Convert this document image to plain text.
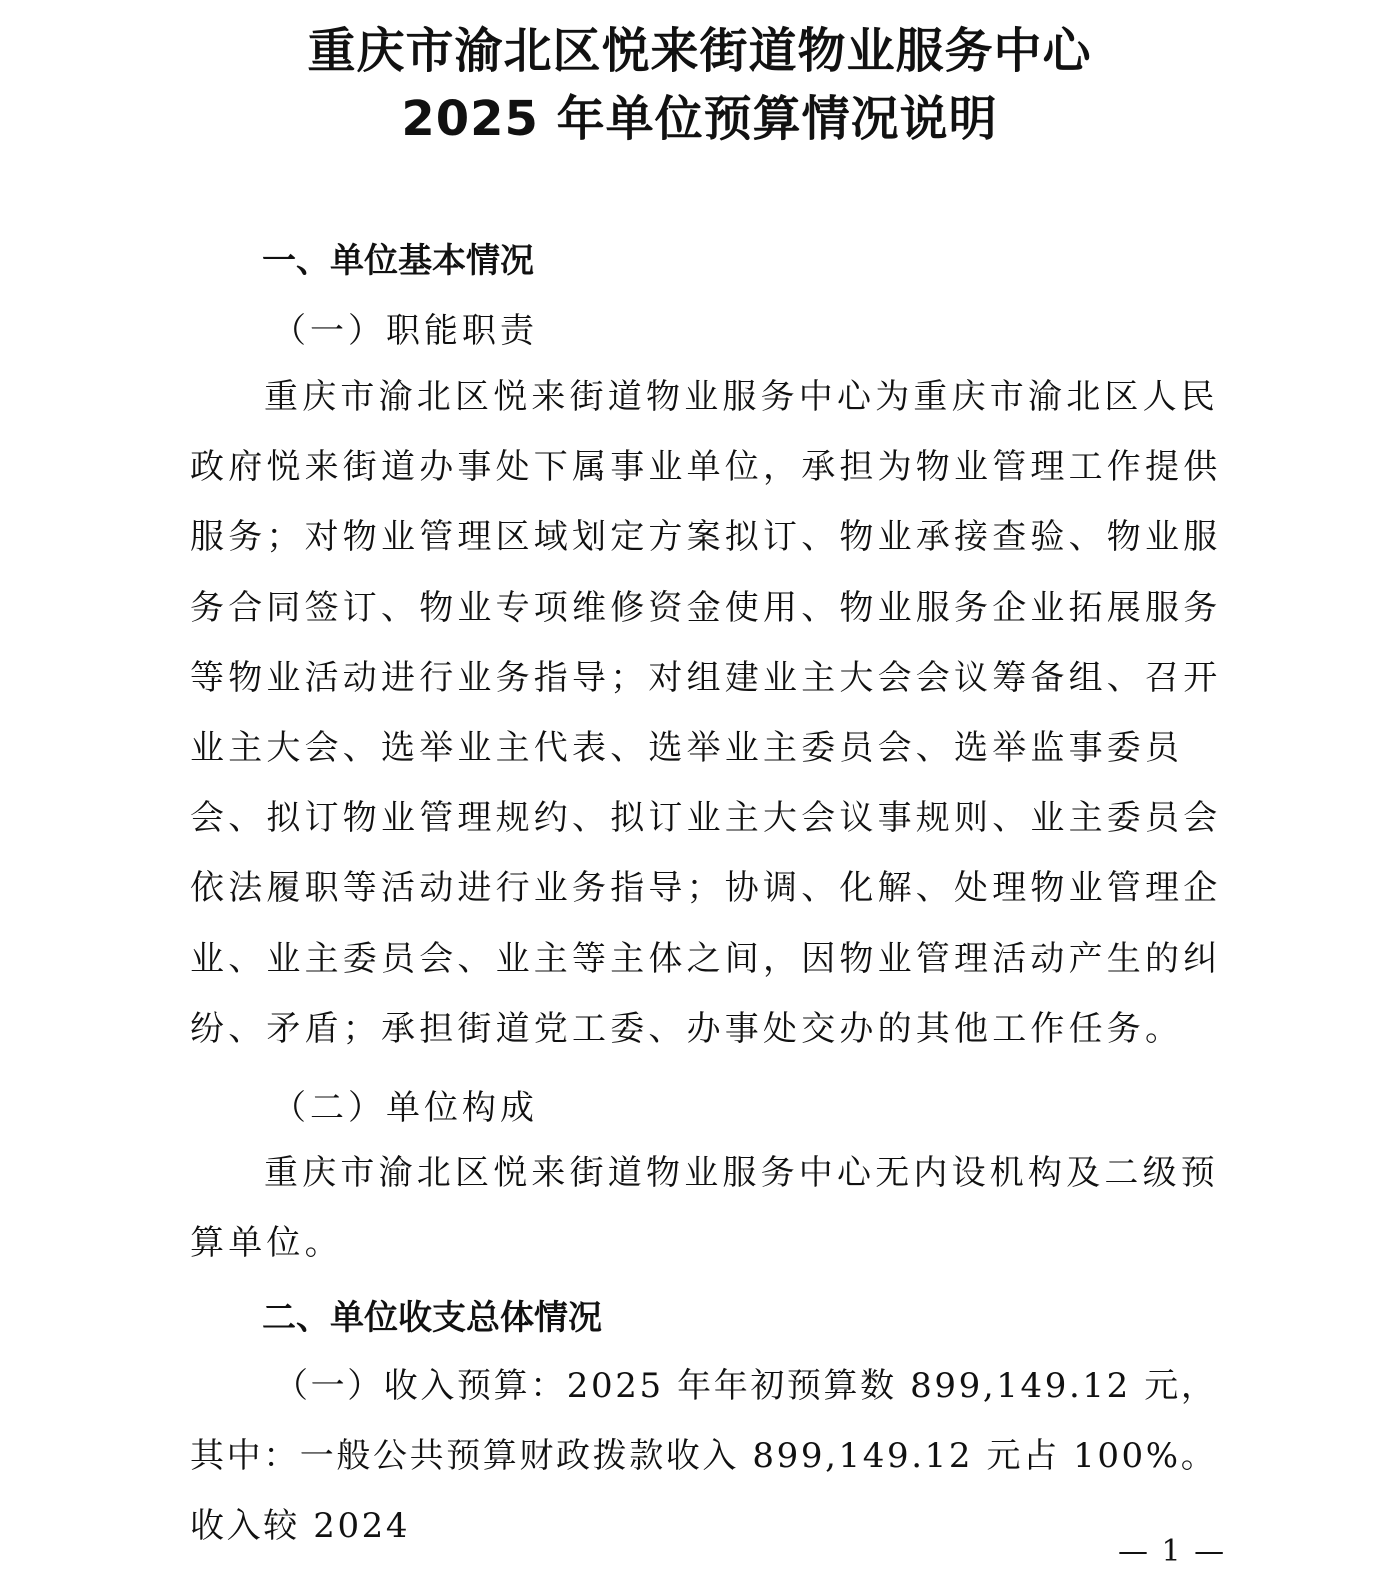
重庆市渝北区悦来街道物业服务中心
2025 年单位预算情况说明
一、单位基本情况
（一）职能职责

重庆市渝北区悦来街道物业服务中心为重庆市渝北区人民政府悦来街道办事处下属事业单位，承担为物业管理工作提供服务；对物业管理区域划定方案拟订、物业承接查验、物业服务合同签订、物业专项维修资金使用、物业服务企业拓展服务等物业活动进行业务指导；对组建业主大会会议筹备组、召开业主大会、选举业主代表、选举业主委员会、选举监事委员会、拟订物业管理规约、拟订业主大会议事规则、业主委员会依法履职等活动进行业务指导；协调、化解、处理物业管理企业、业主委员会、业主等主体之间，因物业管理活动产生的纠纷、矛盾；承担街道党工委、办事处交办的其他工作任务。

（二）单位构成

重庆市渝北区悦来街道物业服务中心无内设机构及二级预算单位。

二、单位收支总体情况

（一）收入预算：2025 年年初预算数 899,149.12 元，其中：一般公共预算财政拨款收入 899,149.12 元占 100%。收入较 2024

— 1 —
